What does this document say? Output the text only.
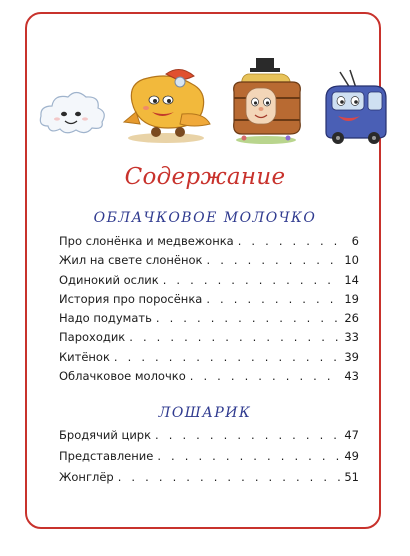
Содержание
ОБЛАЧКОВОЕ МОЛОЧКО
Про слонёнка и медвежонка . . .	6
Жил на свете слонёнок . . .	10
Одинокий ослик . . .	14
История про поросёнка . . .	19
Надо подумать . . .	26
Пароходик . . .	33
Китёнок . . .	39
Облачковое молочко . . .	43
ЛОШАРИК
Бродячий цирк . . .	47
Представление . . .	49
Жонглёр . . .	51
